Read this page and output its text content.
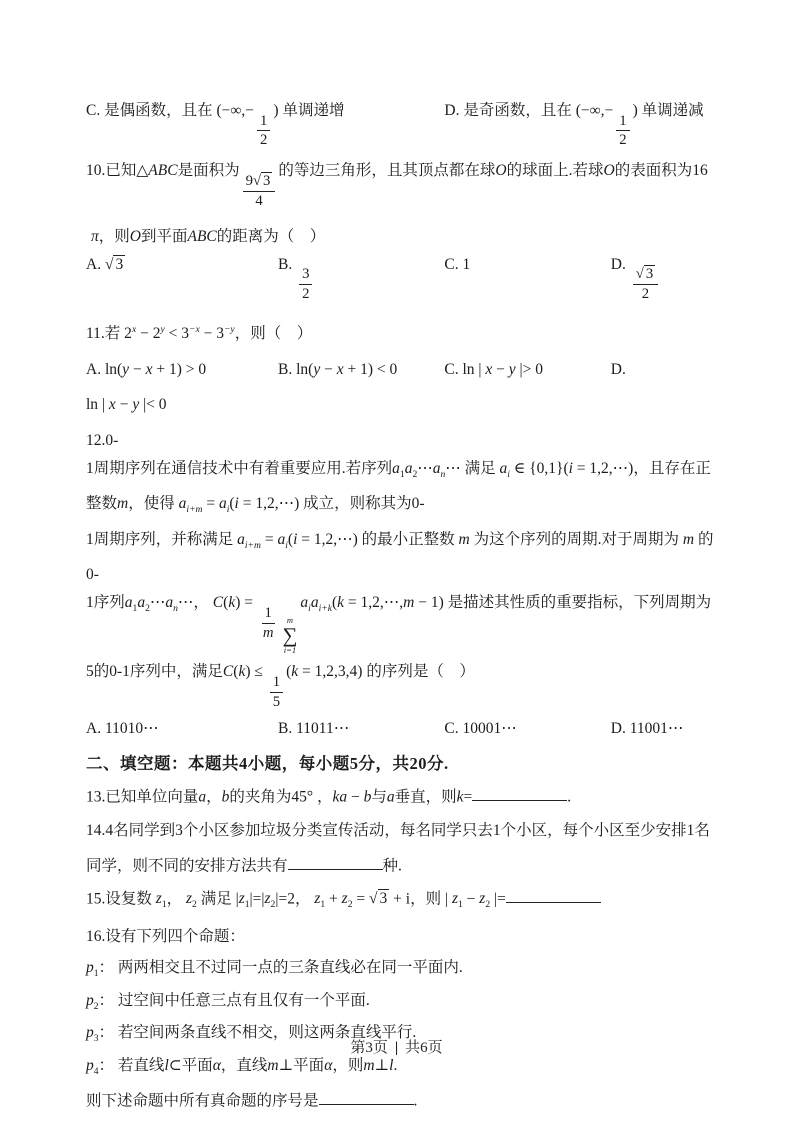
C. 是偶函数，且在 (−∞,−
$\frac{1}{2}$
) 单调递增	D. 是奇函数，且在 (−∞,−
$\frac{1}{2}$
) 单调递减
10.已知△ABC是面积为
$\frac{9√ 3}{4}$
的等边三角形，且其顶点都在球O的球面上.若球O的表面积为16
π，则O到平面ABC的距离为（　）
A. √ 3	B.
$\frac{3}{2}$
C. 1	D.
$\frac{√ 3}{2}$
11.若 $2^x - 2^y < 3^{-x} - 3^{-y}$，则（　）
A. ln(y − x + 1) > 0	B. ln(y − x + 1) < 0	C. ln | x − y |> 0	D.
ln | x − y |< 0
12.0-
1周期序列在通信技术中有着重要应用.若序列$a_1a_2\cdots a_n\cdots$ 满足 $a_i$ ∈ {0,1}(i = 1,2,⋯)，且存在正
整数m，使得 $a_{i+m} = a_i(i$ = 1,2,⋯) 成立，则称其为0-
1周期序列，并称满足 $a_{i+m} = a_i(i$ = 1,2,⋯) 的最小正整数 m 为这个序列的周期.对于周期为 m 的
0-
1序列$a_1a_2\cdots a_n\cdots$， C(k) =
$\frac{1}{m}$ m
∑
i=1
$a_ia_{i+k}(k$ = 1,2,⋯,m − 1) 是描述其性质的重要指标，下列周期为
5的0-1序列中，满足C(k) ≤
$\frac{1}{5}$
(k = 1,2,3,4) 的序列是（　）
A. 11010⋯	B. 11011⋯	C. 10001⋯	D. 11001⋯
二、填空题：本题共4小题，每小题5分，共20分.
13.已知单位向量a，b的夹角为45° ，ka − b与a垂直，则k=	.
14.4名同学到3个小区参加垃圾分类宣传活动，每名同学只去1个小区，每个小区至少安排1名
同学，则不同的安排方法共有	种.
15.设复数 $z_1$， $z_2$ 满足 $|z_1|=|z_2|=2$， $z_1 + z_2$ = √ 3 + i，则 | $z_1 - z_2$ |=
16.设有下列四个命题：
$p_1$： 两两相交且不过同一点的三条直线必在同一平面内.
$p_2$： 过空间中任意三点有且仅有一个平面.
$p_3$： 若空间两条直线不相交，则这两条直线平行.
$p_4$： 若直线l⊂平面α，直线m⊥平面α，则m⊥l.
则下述命题中所有真命题的序号是	.
第3页 | 共6页
